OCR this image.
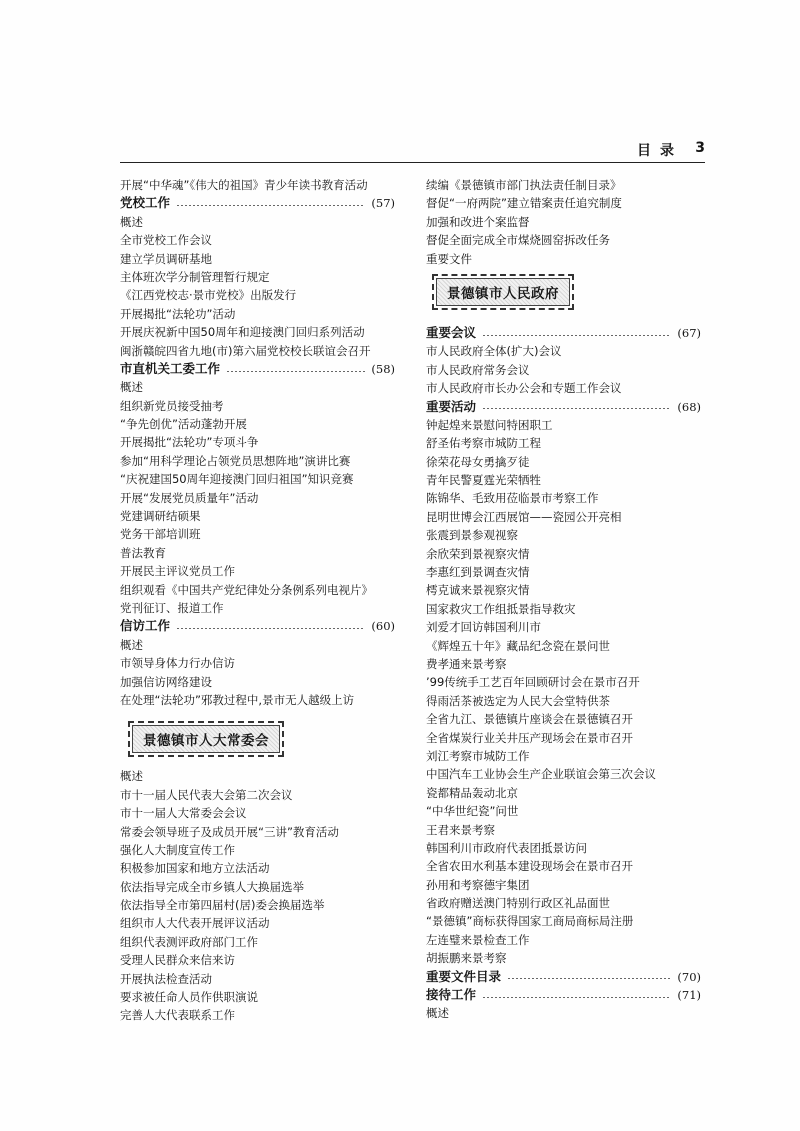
目录 3
开展“中华魂”《伟大的祖国》青少年读书教育活动
党校工作	(57)
概述
全市党校工作会议
建立学员调研基地
主体班次学分制管理暂行规定
《江西党校志·景市党校》出版发行
开展揭批“法轮功”活动
开展庆祝新中国50周年和迎接澳门回归系列活动
闽浙赣皖四省九地(市)第六届党校校长联谊会召开
市直机关工委工作	(58)
概述
组织新党员接受抽考
“争先创优”活动蓬勃开展
开展揭批“法轮功”专项斗争
参加“用科学理论占领党员思想阵地”演讲比赛
“庆祝建国50周年迎接澳门回归祖国”知识竞赛
开展“发展党员质量年”活动
党建调研结硕果
党务干部培训班
普法教育
开展民主评议党员工作
组织观看《中国共产党纪律处分条例系列电视片》
党刊征订、报道工作
信访工作	(60)
概述
市领导身体力行办信访
加强信访网络建设
在处理“法轮功”邪教过程中,景市无人越级上访
景德镇市人大常委会
概述
市十一届人民代表大会第二次会议
市十一届人大常委会会议
常委会领导班子及成员开展“三讲”教育活动
强化人大制度宣传工作
积极参加国家和地方立法活动
依法指导完成全市乡镇人大换届选举
依法指导全市第四届村(居)委会换届选举
组织市人大代表开展评议活动
组织代表测评政府部门工作
受理人民群众来信来访
开展执法检查活动
要求被任命人员作供职演说
完善人大代表联系工作
续编《景德镇市部门执法责任制目录》
督促“一府两院”建立错案责任追究制度
加强和改进个案监督
督促全面完成全市煤烧圆窑拆改任务
重要文件
景德镇市人民政府
重要会议	(67)
市人民政府全体(扩大)会议
市人民政府常务会议
市人民政府市长办公会和专题工作会议
重要活动	(68)
钟起煌来景慰问特困职工
舒圣佑考察市城防工程
徐荣花母女勇擒歹徒
青年民警夏霆光荣牺牲
陈锦华、毛致用莅临景市考察工作
昆明世博会江西展馆——瓷园公开亮相
张震到景参观视察
余欣荣到景视察灾情
李惠红到景调查灾情
樗克诚来景视察灾情
国家救灾工作组抵景指导救灾
刘爱才回访韩国利川市
《辉煌五十年》藏品纪念瓷在景问世
费孝通来景考察
’99传统手工艺百年回顾研讨会在景市召开
得雨活茶被选定为人民大会堂特供茶
全省九江、景德镇片座谈会在景德镇召开
全省煤炭行业关井压产现场会在景市召开
刘江考察市城防工作
中国汽车工业协会生产企业联谊会第三次会议
瓷都精品轰动北京
“中华世纪瓷”问世
王君来景考察
韩国利川市政府代表团抵景访问
全省农田水利基本建设现场会在景市召开
孙用和考察德宇集团
省政府赠送澳门特别行政区礼品面世
“景德镇”商标获得国家工商局商标局注册
左连璧来景检查工作
胡振鹏来景考察
重要文件目录	(70)
接待工作	(71)
概述
